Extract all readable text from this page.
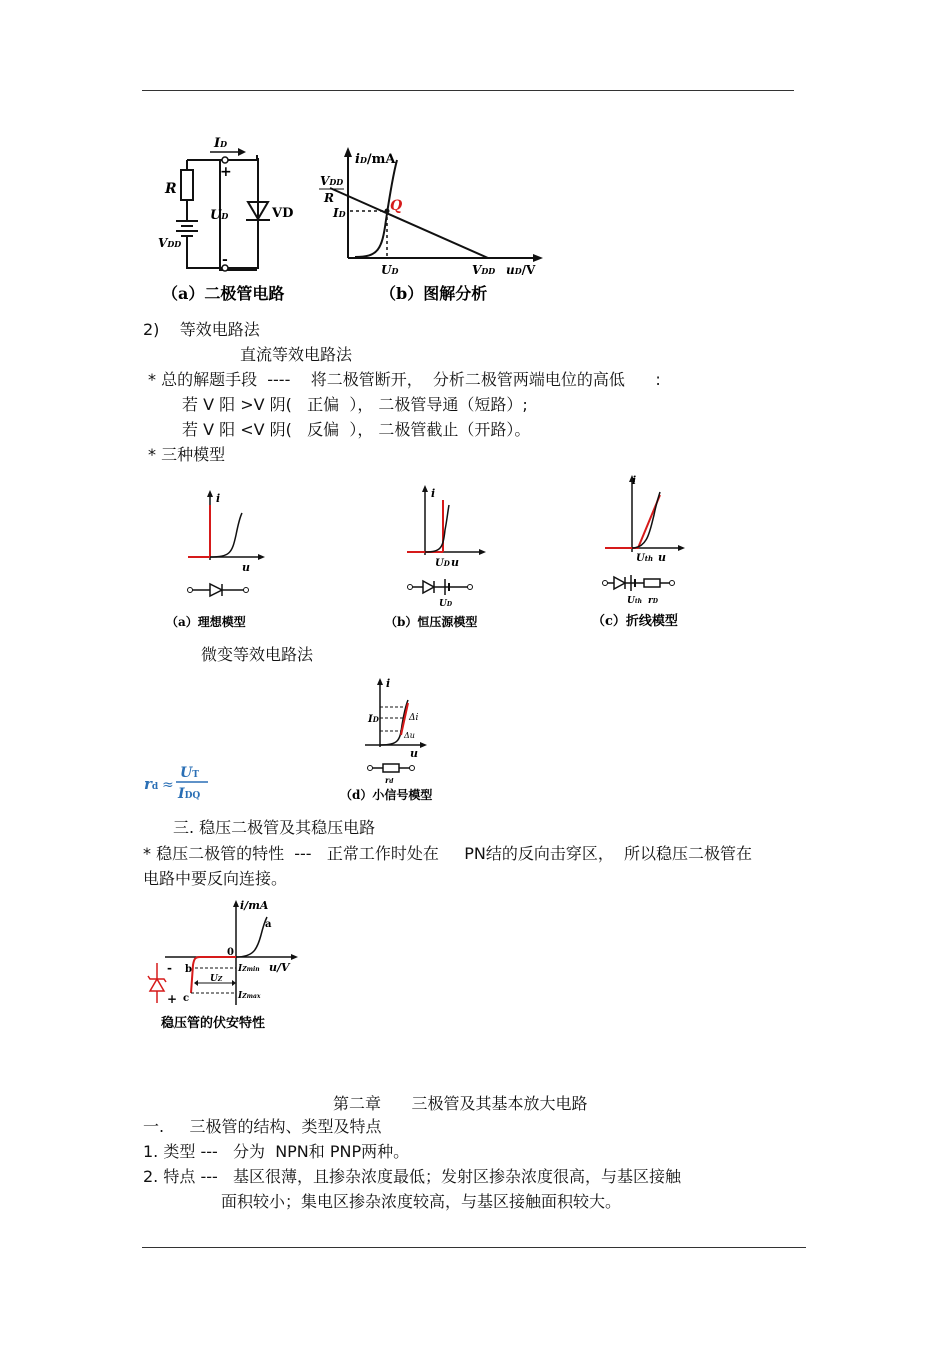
ID
+
-
R
UD	VD
VDD
iD/mA
VDD
R
ID	Q
UD	VDD uD/V
（a）二极管电路	（b）图解分析
2)    等效电路法
直流等效电路法
* 总的解题手段  ----    将二极管断开，  分析二极管两端电位的高低      :
若 V 阳 >V 阴(   正偏  ）， 二极管导通（短路）;
若 V 阳 <V 阴(   反偏  ）， 二极管截止（开路）。
* 三种模型
i
u
（a）理想模型
i
UD u
UD
（b）恒压源模型
i
Uth u
Uth rD
（c）折线模型
微变等效电路法
i
ID	Δi
Δu
u
rd
（d）小信号模型
rd ≈
UT
IDQ
三. 稳压二极管及其稳压电路
* 稳压二极管的特性  ---   正常工作时处在     PN结的反向击穿区，  所以稳压二极管在
电路中要反向连接。
i/mA
a
0
b
c
-
+
IZmin
IZmax
UZ
u/V
稳压管的伏安特性
第二章      三极管及其基本放大电路
一.     三极管的结构、类型及特点
1. 类型 ---   分为  NPN和 PNP两种。
2. 特点 ---   基区很薄，且掺杂浓度最低；发射区掺杂浓度很高，与基区接触
面积较小；集电区掺杂浓度较高，与基区接触面积较大。
